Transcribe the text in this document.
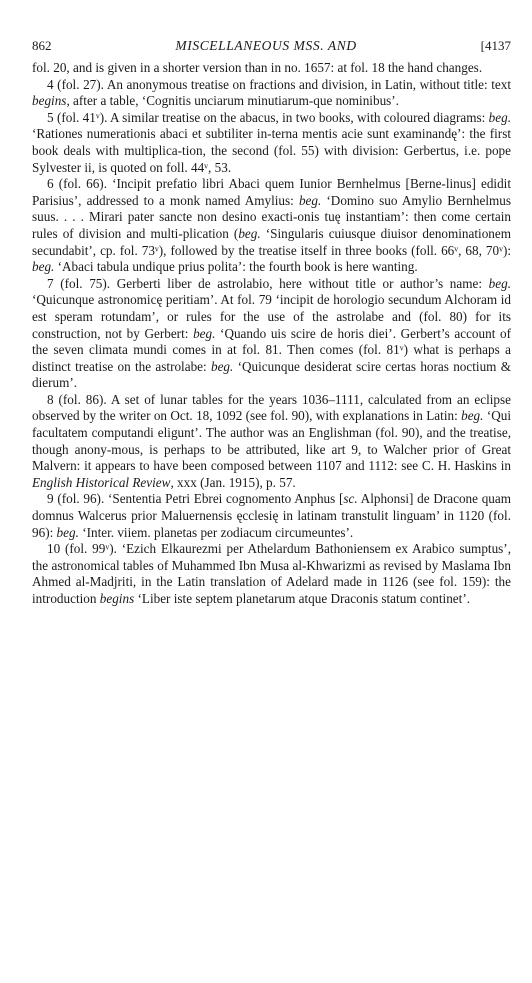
862	MISCELLANEOUS MSS. AND	[4137

fol. 20, and is given in a shorter version than in no. 1657: at fol. 18 the hand changes.

4 (fol. 27). An anonymous treatise on fractions and division, in Latin, without title: text begins, after a table, ‘Cognitis unciarum minutiarum-que nominibus’.

5 (fol. 41ᵛ). A similar treatise on the abacus, in two books, with coloured diagrams: beg. ‘Rationes numerationis abaci et subtiliter in-terna mentis acie sunt examinandę’: the first book deals with multiplica-tion, the second (fol. 55) with division: Gerbertus, i.e. pope Sylvester ii, is quoted on foll. 44ᵛ, 53.

6 (fol. 66). ‘Incipit prefatio libri Abaci quem Iunior Bernhelmus [Berne-linus] edidit Parisius’, addressed to a monk named Amylius: beg. ‘Domino suo Amylio Bernhelmus suus. . . . Mirari pater sancte non desino exacti-onis tuę instantiam’: then come certain rules of division and multi-plication (beg. ‘Singularis cuiusque diuisor denominationem secundabit’, cp. fol. 73ᵛ), followed by the treatise itself in three books (foll. 66ᵛ, 68, 70ᵛ): beg. ‘Abaci tabula undique prius polita’: the fourth book is here wanting.

7 (fol. 75). Gerberti liber de astrolabio, here without title or author’s name: beg. ‘Quicunque astronomicę peritiam’. At fol. 79 ‘incipit de horologio secundum Alchoram id est speram rotundam’, or rules for the use of the astrolabe and (fol. 80) for its construction, not by Gerbert: beg. ‘Quando uis scire de horis diei’. Gerbert’s account of the seven climata mundi comes in at fol. 81. Then comes (fol. 81ᵛ) what is perhaps a distinct treatise on the astrolabe: beg. ‘Quicunque desiderat scire certas horas noctium & dierum’.

8 (fol. 86). A set of lunar tables for the years 1036–1111, calculated from an eclipse observed by the writer on Oct. 18, 1092 (see fol. 90), with explanations in Latin: beg. ‘Qui facultatem computandi eligunt’. The author was an Englishman (fol. 90), and the treatise, though anony-mous, is perhaps to be attributed, like art 9, to Walcher prior of Great Malvern: it appears to have been composed between 1107 and 1112: see C. H. Haskins in English Historical Review, xxx (Jan. 1915), p. 57.

9 (fol. 96). ‘Sententia Petri Ebrei cognomento Anphus [sc. Alphonsi] de Dracone quam domnus Walcerus prior Maluernensis ęcclesię in latinam transtulit linguam’ in 1120 (fol. 96): beg. ‘Inter. viiem. planetas per zodiacum circumeuntes’.

10 (fol. 99ᵛ). ‘Ezich Elkaurezmi per Athelardum Bathoniensem ex Arabico sumptus’, the astronomical tables of Muhammed Ibn Musa al-Khwarizmi as revised by Maslama Ibn Ahmed al-Madjriti, in the Latin translation of Adelard made in 1126 (see fol. 159): the introduction begins ‘Liber iste septem planetarum atque Draconis statum continet’.
